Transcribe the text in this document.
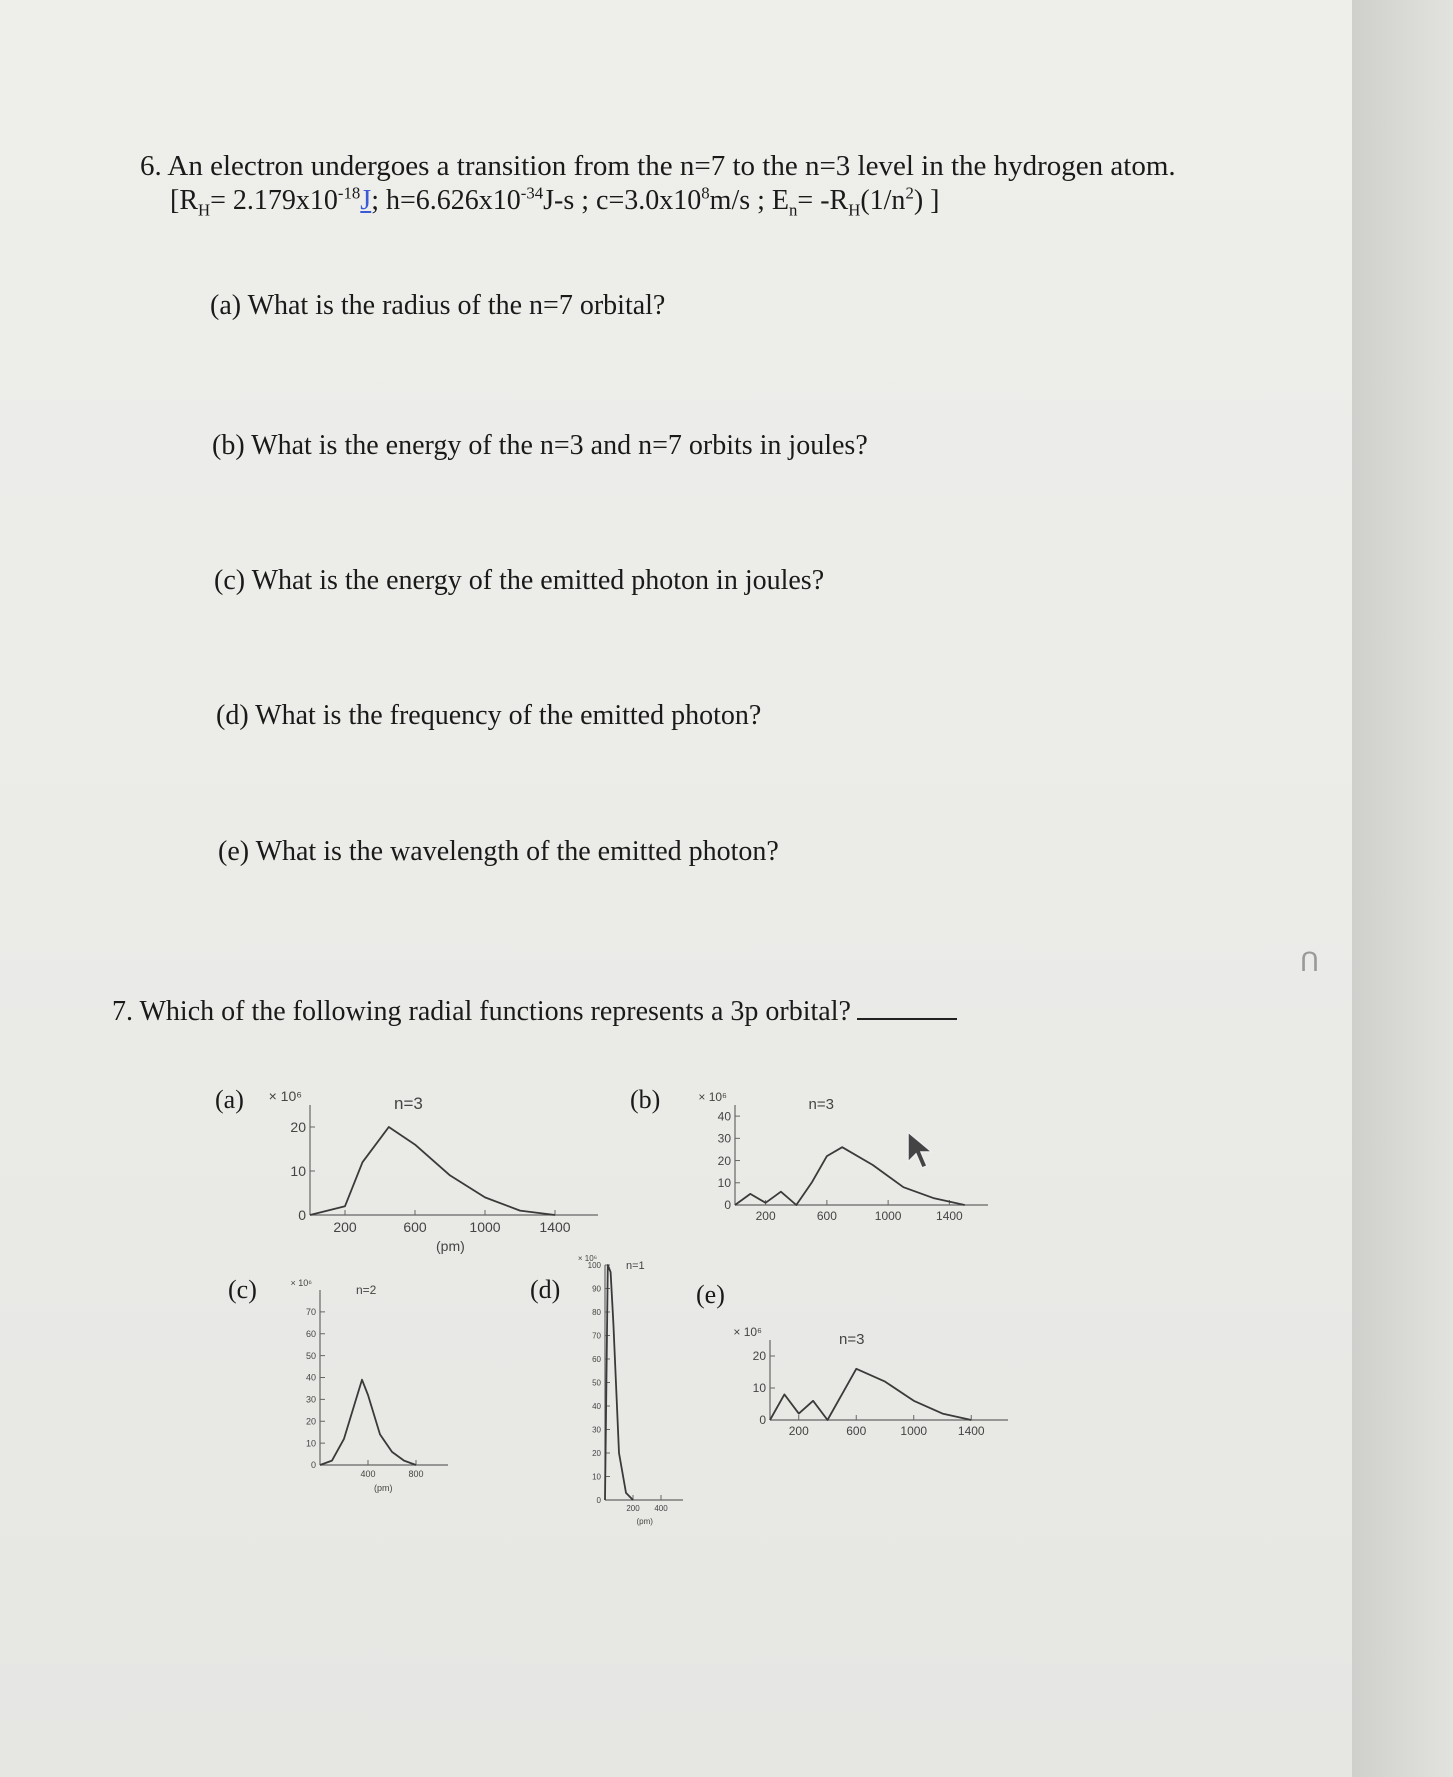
6. An electron undergoes a transition from the n=7 to the n=3 level in the hydrogen atom.
[$R_H= 2.179x10^{-18}J$; $h=6.626x10^{-34}J-s$ ; $c=3.0x10^8m/s$ ; $E_n= -R_H(1/n^2)$ ]
(a) What is the radius of the n=7 orbital?
(b) What is the energy of the n=3 and n=7 orbits in joules?
(c) What is the energy of the emitted photon in joules?
(d) What is the frequency of the emitted photon?
(e) What is the wavelength of the emitted photon?
7. Which of the following radial functions represents a 3p orbital?
(a)	(b)
(c)	(d)	(e)
0
10
20
200	600	1000	1400
× 10⁶	n=3
(pm)
0
10
20
30
40
200	600	1000	1400
× 10⁶	n=3
0
10
20
30
40
50
60
70
400	800
× 10⁶	n=2
(pm)
0
10
20
30
40
50
60
70
80
90
100
200 400
× 10⁶
n=1
(pm)
0
10
20
200	600	1000	1400
× 10⁶	n=3
ᑎ
